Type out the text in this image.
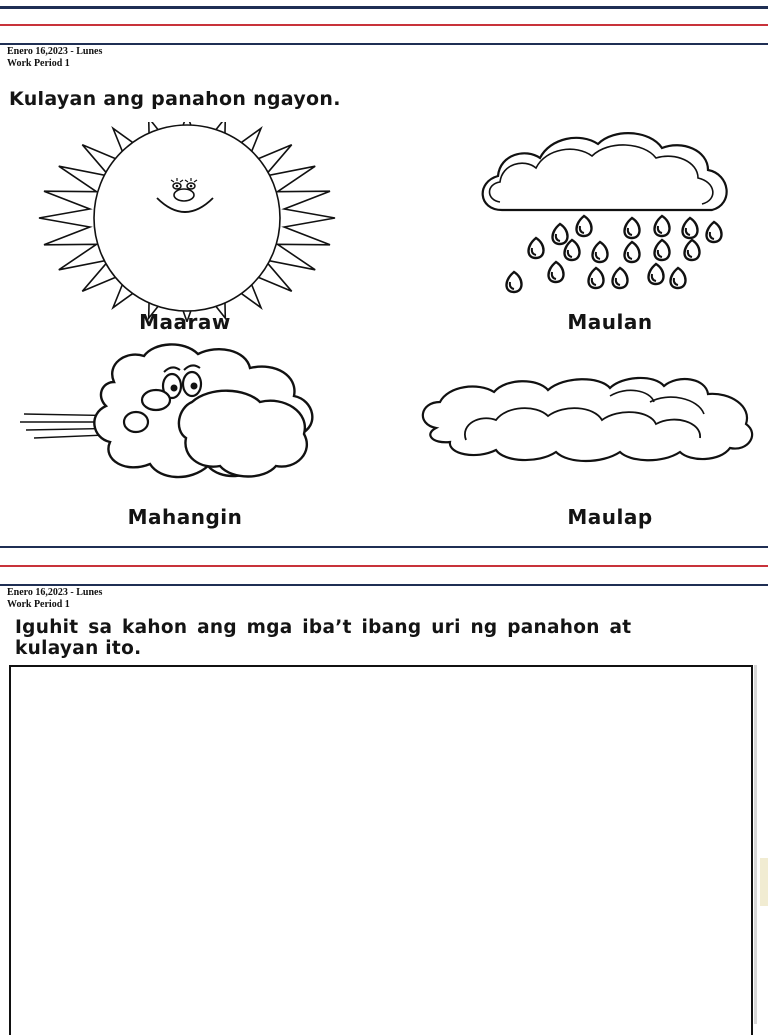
Enero 16,2023 - Lunes
Work Period 1
Kulayan ang panahon ngayon.
Maaraw	Maulan
Mahangin	Maulap
Enero 16,2023 - Lunes
Work Period 1
Iguhit sa kahon ang mga iba’t ibang uri ng panahon at
kulayan ito.
